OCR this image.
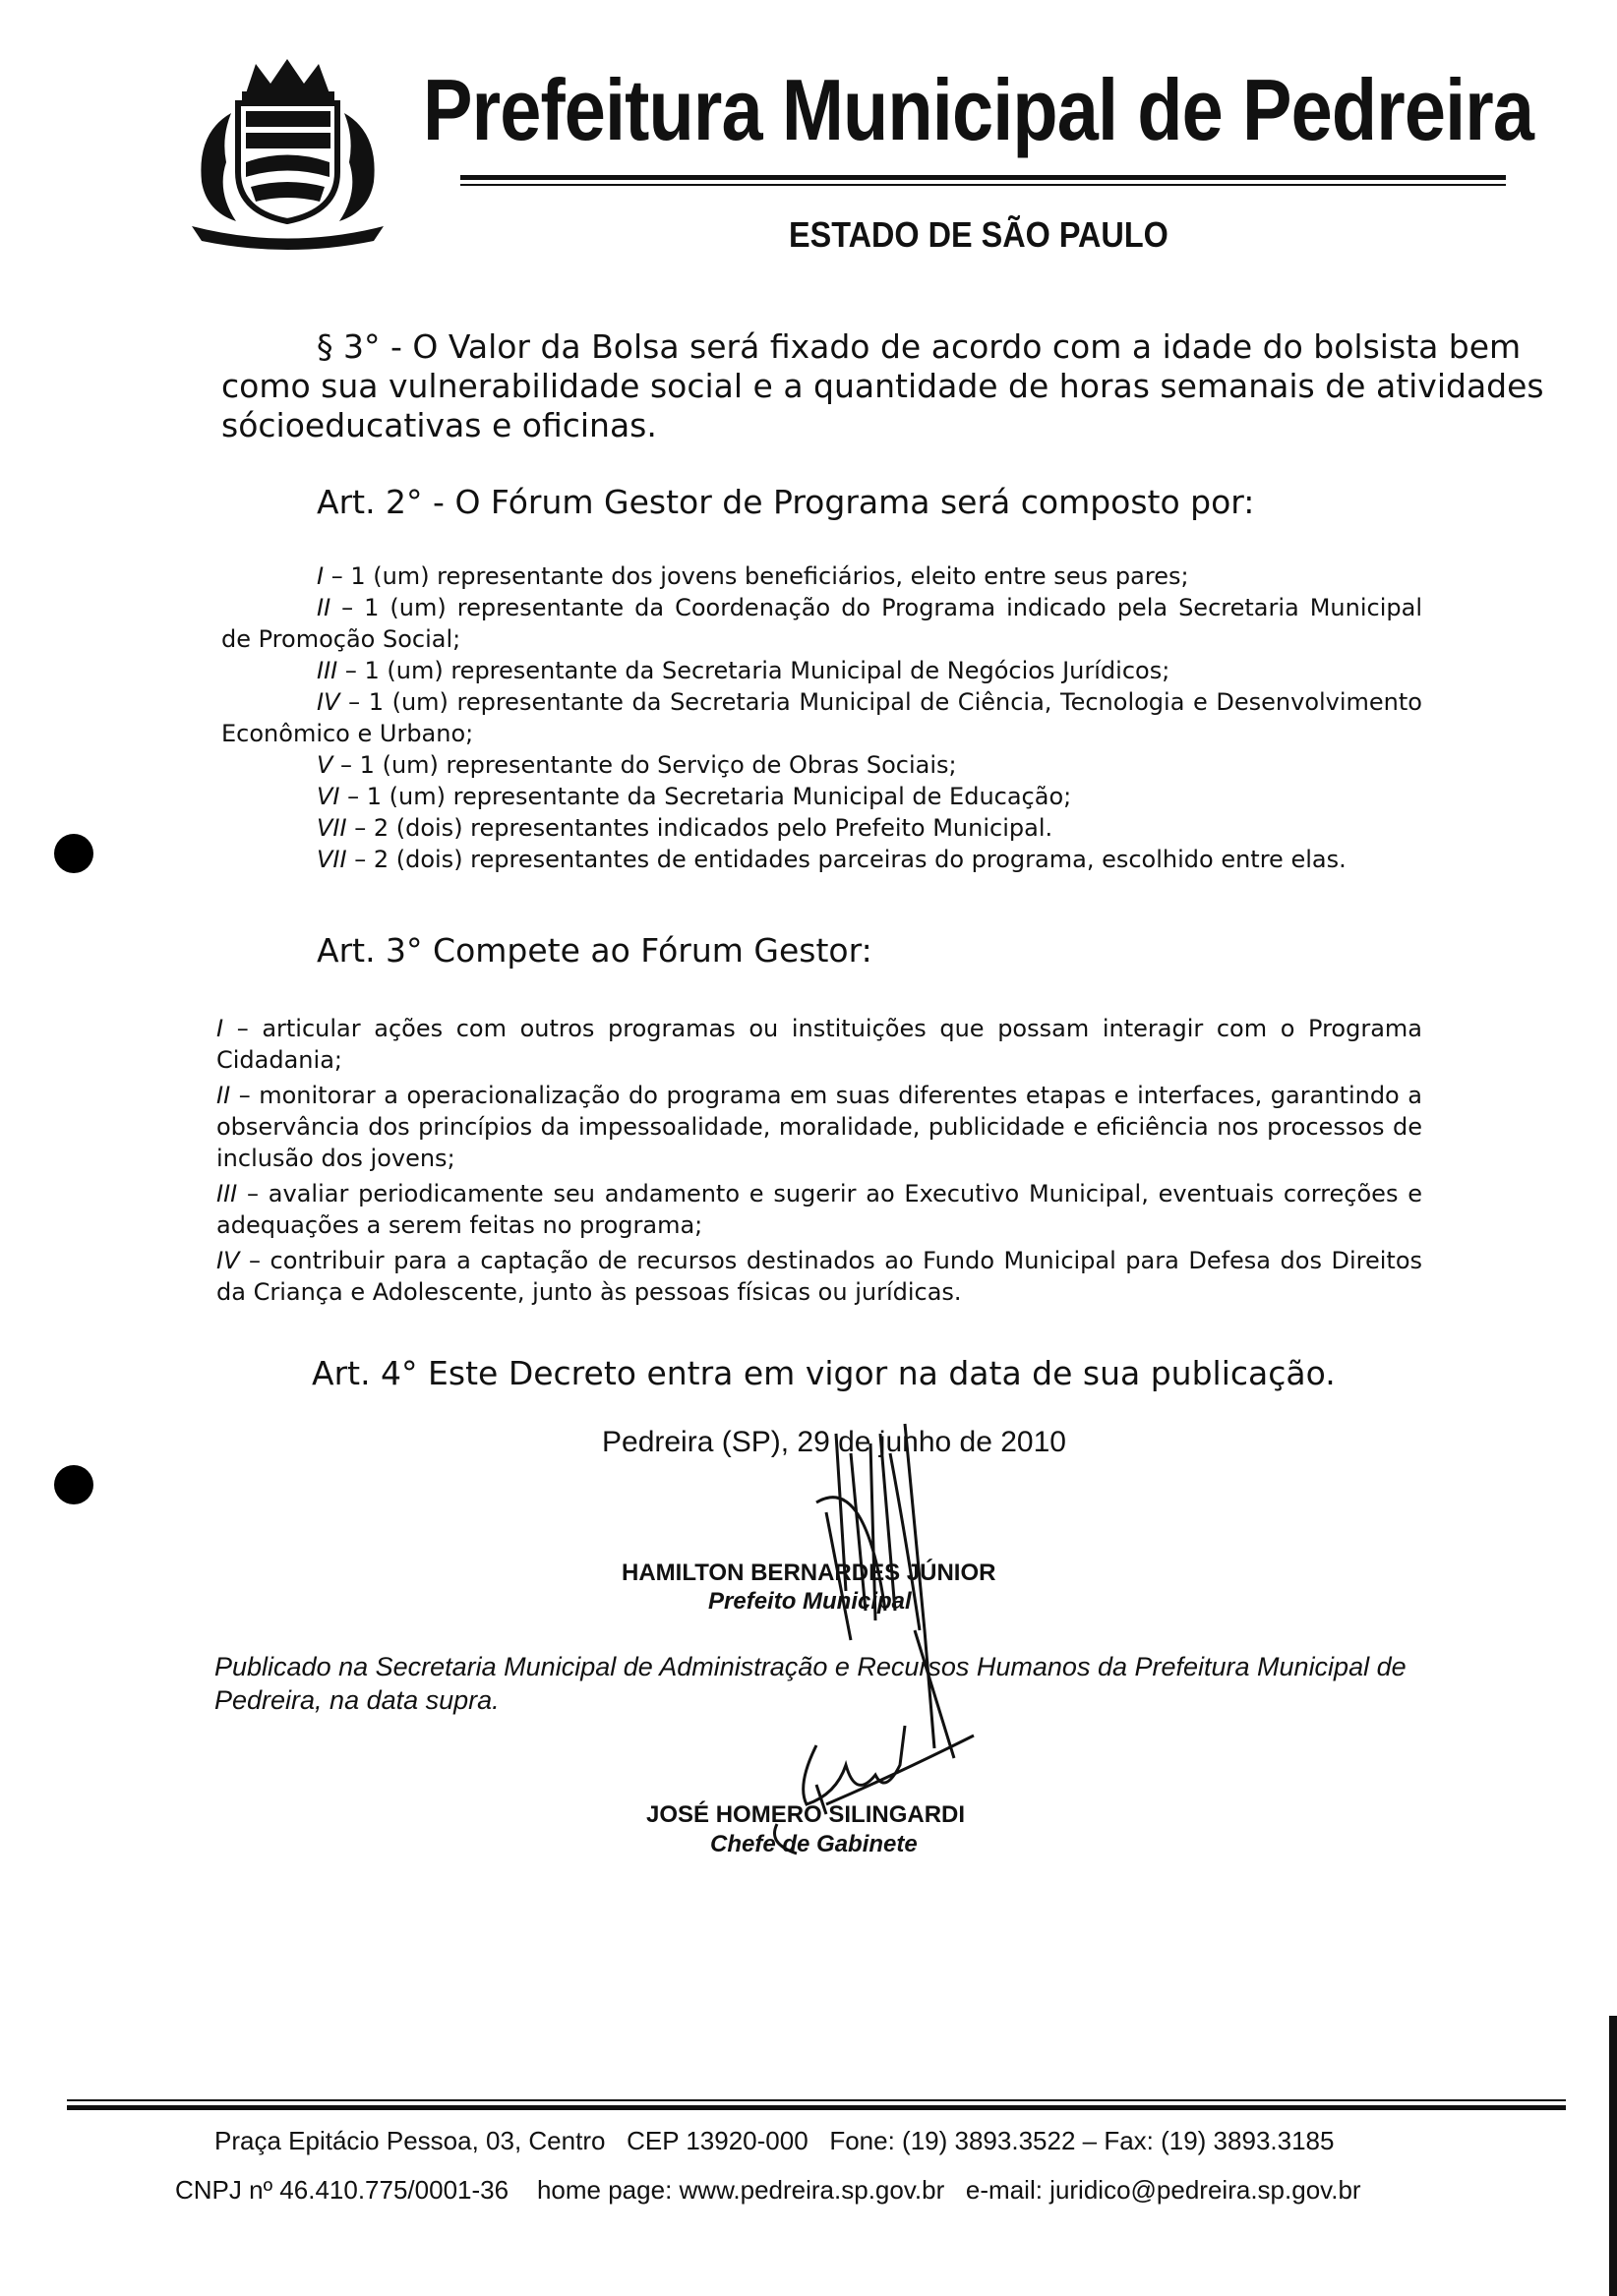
Prefeitura Municipal de Pedreira
ESTADO DE SÃO PAULO
§ 3° - O Valor da Bolsa será fixado de acordo com a idade do bolsista bem
como sua vulnerabilidade social e a quantidade de horas semanais de atividades
sócioeducativas e oficinas.
Art. 2° - O Fórum Gestor de Programa será composto por:
I – 1 (um) representante dos jovens beneficiários, eleito entre seus pares;
II – 1 (um) representante da Coordenação do Programa indicado pela Secretaria Municipal
de Promoção Social;
III – 1 (um) representante da Secretaria Municipal de Negócios Jurídicos;
IV – 1 (um) representante da Secretaria Municipal de Ciência, Tecnologia e Desenvolvimento
Econômico e Urbano;
V – 1 (um) representante do Serviço de Obras Sociais;
VI – 1 (um) representante da Secretaria Municipal de Educação;
VII – 2 (dois) representantes indicados pelo Prefeito Municipal.
VII – 2 (dois) representantes de entidades parceiras do programa, escolhido entre elas.
Art. 3° Compete ao Fórum Gestor:
I – articular ações com outros programas ou instituições que possam interagir com o Programa
Cidadania;
II – monitorar a operacionalização do programa em suas diferentes etapas e interfaces, garantindo a
observância dos princípios da impessoalidade, moralidade, publicidade e eficiência nos processos de
inclusão dos jovens;
III – avaliar periodicamente seu andamento e sugerir ao Executivo Municipal, eventuais correções e
adequações a serem feitas no programa;
IV – contribuir para a captação de recursos destinados ao Fundo Municipal para Defesa dos Direitos
da Criança e Adolescente, junto às pessoas físicas ou jurídicas.
Art. 4° Este Decreto entra em vigor na data de sua publicação.
Pedreira (SP), 29 de junho de 2010
HAMILTON BERNARDES JÚNIOR
Prefeito Municipal
Publicado na Secretaria Municipal de Administração e Recursos Humanos da Prefeitura Municipal de Pedreira, na data supra.
JOSÉ HOMERO SILINGARDI
Chefe de Gabinete
Praça Epitácio Pessoa, 03, Centro   CEP 13920-000   Fone: (19) 3893.3522 – Fax: (19) 3893.3185
CNPJ nº 46.410.775/0001-36    home page: www.pedreira.sp.gov.br   e-mail: juridico@pedreira.sp.gov.br
